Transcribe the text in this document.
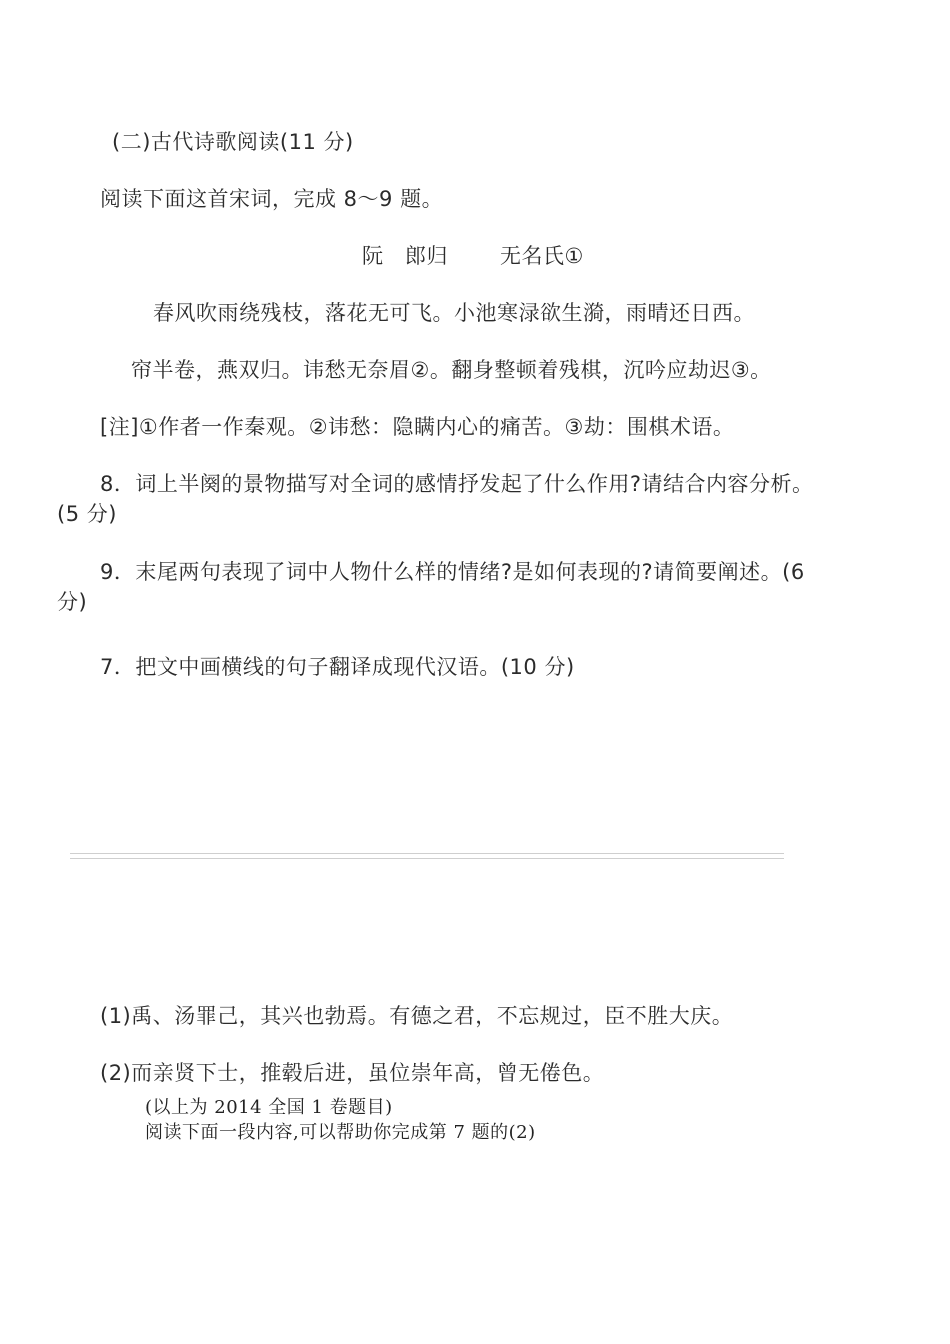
(二)古代诗歌阅读(11 分)
阅读下面这首宋词，完成 8～9 题。
阮　郎归 无名氏①
春风吹雨绕残枝，落花无可飞。小池寒渌欲生漪，雨晴还日西。
帘半卷，燕双归。讳愁无奈眉②。翻身整顿着残棋，沉吟应劫迟③。
[注]①作者一作秦观。②讳愁：隐瞒内心的痛苦。③劫：围棋术语。
8．词上半阕的景物描写对全词的感情抒发起了什么作用?请结合内容分析。
(5 分)
9．末尾两句表现了词中人物什么样的情绪?是如何表现的?请简要阐述。(6
分)
7．把文中画横线的句子翻译成现代汉语。(10 分)
(1)禹、汤罪己，其兴也勃焉。有德之君，不忘规过，臣不胜大庆。
(2)而亲贤下士，推毂后进，虽位崇年高，曾无倦色。
(以上为 2014 全国 1 卷题目)
阅读下面一段内容,可以帮助你完成第 7 题的(2)
